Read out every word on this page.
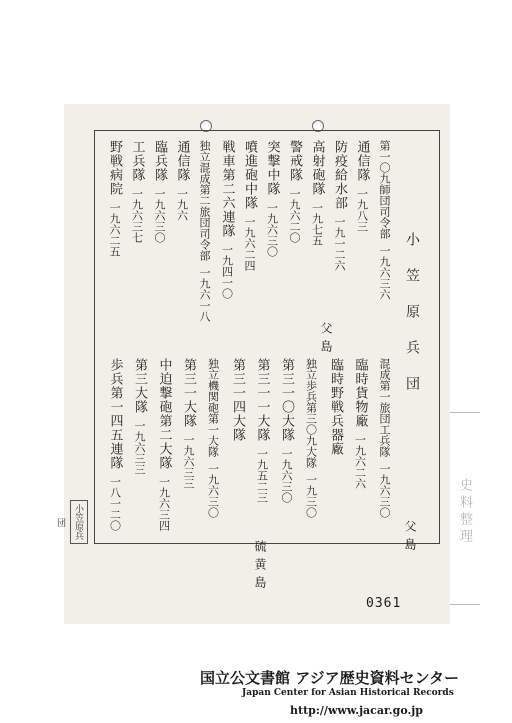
小笠原兵団
父島
第一〇九師団司令部一九六三六
通信隊一九八三
防疫給水部一九一二六
高射砲隊一九七五
警戒隊一九六二〇
突撃中隊一九六三〇
噴進砲中隊一九六二四
戦車第二六連隊一九四一〇
独立混成第二旅団司令部一九六一八
通信隊一九六
臨兵隊一九六三〇
工兵隊一九六三七
野戦病院一九六二五
混成第一旅団工兵隊一九六三〇
臨時貨物廠一九六二六
臨時野戦兵器廠
独立歩兵第三〇九大隊一九三〇
第三一〇大隊一九六三〇
第三一一大隊一九五二三
第三一四大隊
独立機関砲第一大隊一九六三〇
第三一大隊一九六三三
中迫撃砲第二大隊一九六三四
第三大隊一九六三三
歩兵第一四五連隊一八一二〇
父島
硫黄島
小笠原兵団	史料整理
0361
国立公文書館 アジア歴史資料センター
Japan Center for Asian Historical Records
http://www.jacar.go.jp
